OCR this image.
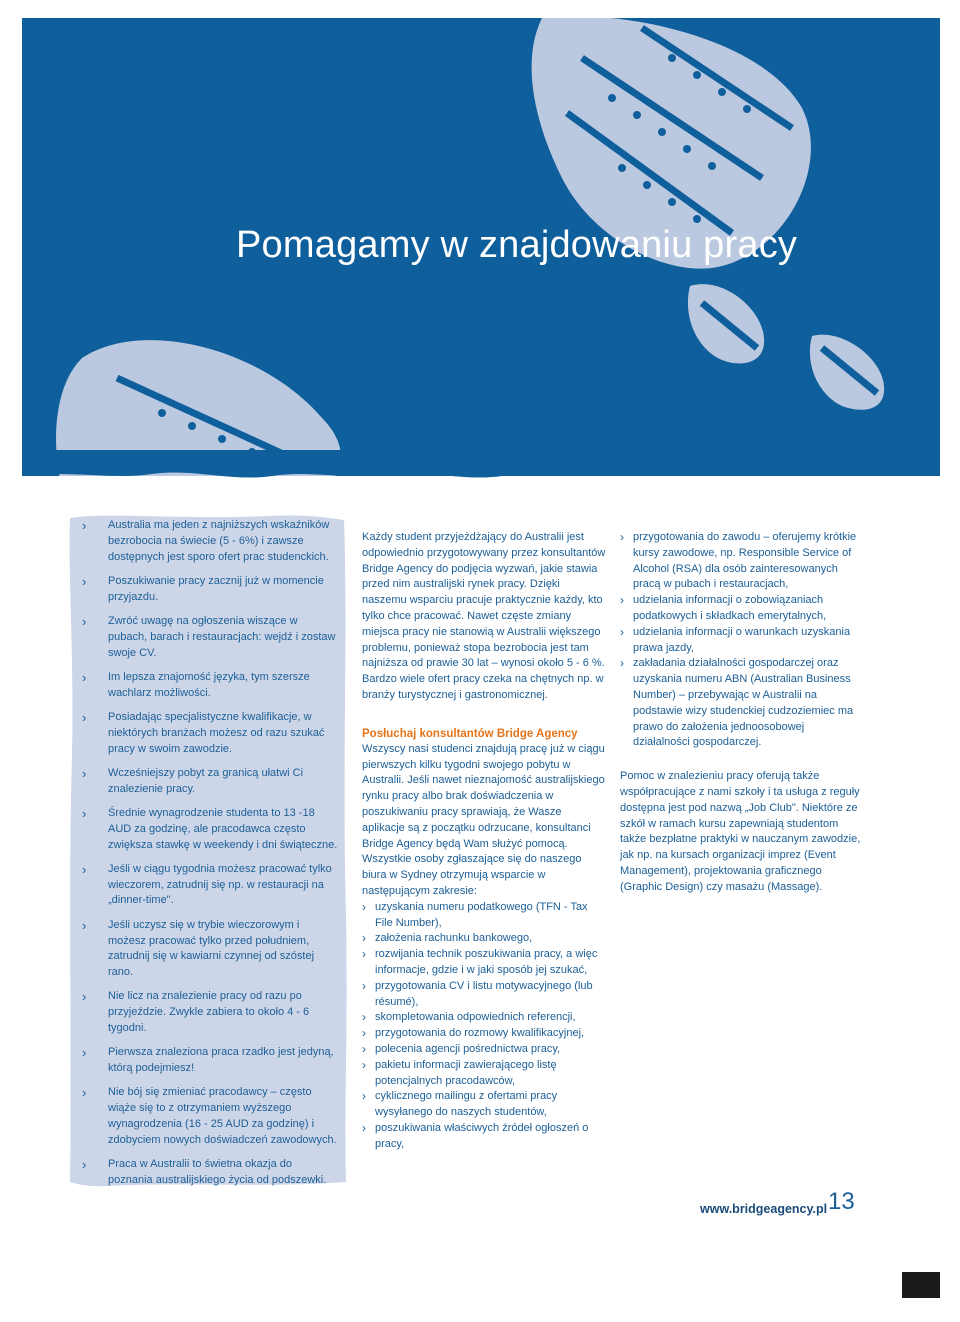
Pomagamy w znajdowaniu pracy
› Australia ma jeden z najniższych wskaźników bezrobocia na świecie (5 - 6%) i zawsze dostępnych jest sporo ofert prac studenckich.
› Poszukiwanie pracy zacznij już w momencie przyjazdu.
› Zwróć uwagę na ogłoszenia wiszące w pubach, barach i restauracjach: wejdź i zostaw swoje CV.
› Im lepsza znajomość języka, tym szersze wachlarz możliwości.
› Posiadając specjalistyczne kwalifikacje, w niektórych branżach możesz od razu szukać pracy w swoim zawodzie.
› Wcześniejszy pobyt za granicą ułatwi Ci znalezienie pracy.
› Średnie wynagrodzenie studenta to 13 -18 AUD za godzinę, ale pracodawca często zwiększa stawkę w weekendy i dni świąteczne.
› Jeśli w ciągu tygodnia możesz pracować tylko wieczorem, zatrudnij się np. w restauracji na „dinner-time".
› Jeśli uczysz się w trybie wieczorowym i możesz pracować tylko przed południem, zatrudnij się w kawiarni czynnej od szóstej rano.
› Nie licz na znalezienie pracy od razu po przyjeździe. Zwykle zabiera to około 4 - 6 tygodni.
› Pierwsza znaleziona praca rzadko jest jedyną, którą podejmiesz!
› Nie bój się zmieniać pracodawcy – często wiąże się to z otrzymaniem wyższego wynagrodzenia (16 - 25 AUD za godzinę) i zdobyciem nowych doświadczeń zawodowych.
› Praca w Australii to świetna okazja do poznania australijskiego życia od podszewki.

Każdy student przyjeżdżający do Australii jest odpowiednio przygotowywany przez konsultantów Bridge Agency do podjęcia wyzwań, jakie stawia przed nim australijski rynek pracy. Dzięki naszemu wsparciu pracuje praktycznie każdy, kto tylko chce pracować. Nawet częste zmiany miejsca pracy nie stanowią w Australii większego problemu, ponieważ stopa bezrobocia jest tam najniższa od prawie 30 lat – wynosi około 5 - 6 %. Bardzo wiele ofert pracy czeka na chętnych np. w branży turystycznej i gastronomicznej.

Posłuchaj konsultantów Bridge Agency

Wszyscy nasi studenci znajdują pracę już w ciągu pierwszych kilku tygodni swojego pobytu w Australii. Jeśli nawet nieznajomość australijskiego rynku pracy albo brak doświadczenia w poszukiwaniu pracy sprawiają, że Wasze aplikacje są z początku odrzucane, konsultanci Bridge Agency będą Wam służyć pomocą. Wszystkie osoby zgłaszające się do naszego biura w Sydney otrzymują wsparcie w następującym zakresie:

› uzyskania numeru podatkowego (TFN - Tax File Number),
› założenia rachunku bankowego,
› rozwijania technik poszukiwania pracy, a więc informacje, gdzie i w jaki sposób jej szukać,
› przygotowania CV i listu motywacyjnego (lub résumé),
› skompletowania odpowiednich referencji,
› przygotowania do rozmowy kwalifikacyjnej,
› polecenia agencji pośrednictwa pracy,
› pakietu informacji zawierającego listę potencjalnych pracodawców,
› cyklicznego mailingu z ofertami pracy wysyłanego do naszych studentów,
› poszukiwania właściwych źródeł ogłoszeń o pracy,
› przygotowania do zawodu – oferujemy krótkie kursy zawodowe, np. Responsible Service of Alcohol (RSA) dla osób zainteresowanych pracą w pubach i restauracjach,
› udzielania informacji o zobowiązaniach podatkowych i składkach emerytalnych,
› udzielania informacji o warunkach uzyskania prawa jazdy,
› zakładania działalności gospodarczej oraz uzyskania numeru ABN (Australian Business Number) – przebywając w Australii na podstawie wizy studenckiej cudzoziemiec ma prawo do założenia jednoosobowej działalności gospodarczej.

Pomoc w znalezieniu pracy oferują także współpracujące z nami szkoły i ta usługa z reguły dostępna jest pod nazwą „Job Club". Niektóre ze szkół w ramach kursu zapewniają studentom także bezpłatne praktyki w nauczanym zawodzie, jak np. na kursach organizacji imprez (Event Management), projektowania graficznego (Graphic Design) czy masażu (Massage).

www.bridgeagency.pl 13
